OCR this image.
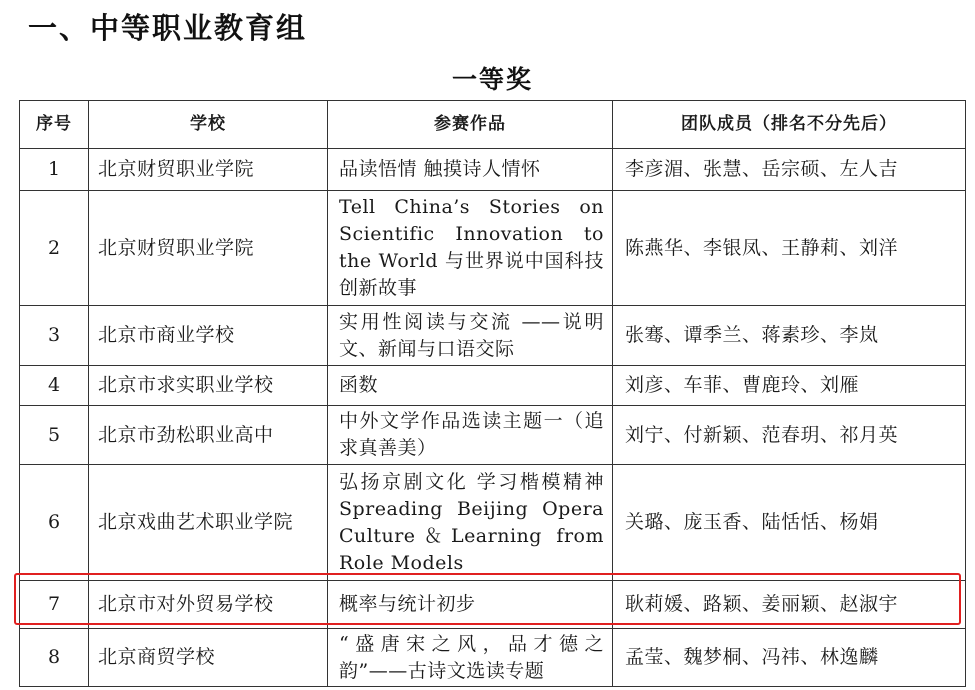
一、中等职业教育组
一等奖
序号	学校	参赛作品	团队成员（排名不分先后）
1	北京财贸职业学院	品读悟情 触摸诗人情怀	李彦湄、张慧、岳宗硕、左人吉
2	北京财贸职业学院	Tell China’s Stories on Scientific Innovation to the World 与世界说中国科技创新故事	陈燕华、李银凤、王静莉、刘洋
3	北京市商业学校	实用性阅读与交流 ——说明文、新闻与口语交际	张骞、谭季兰、蒋素珍、李岚
4	北京市求实职业学校	函数	刘彦、车菲、曹鹿玲、刘雁
5	北京市劲松职业高中	中外文学作品选读主题一（追求真善美）	刘宁、付新颖、范春玥、祁月英
6	北京戏曲艺术职业学院	弘扬京剧文化 学习楷模精神 Spreading Beijing Opera Culture＆Learning from Role Models	关璐、庞玉香、陆恬恬、杨娟
7	北京市对外贸易学校	概率与统计初步	耿莉媛、路颖、姜丽颖、赵淑宇
8	北京商贸学校	“盛唐宋之风，品才德之韵”——古诗文选读专题	孟莹、魏梦桐、冯祎、林逸麟
